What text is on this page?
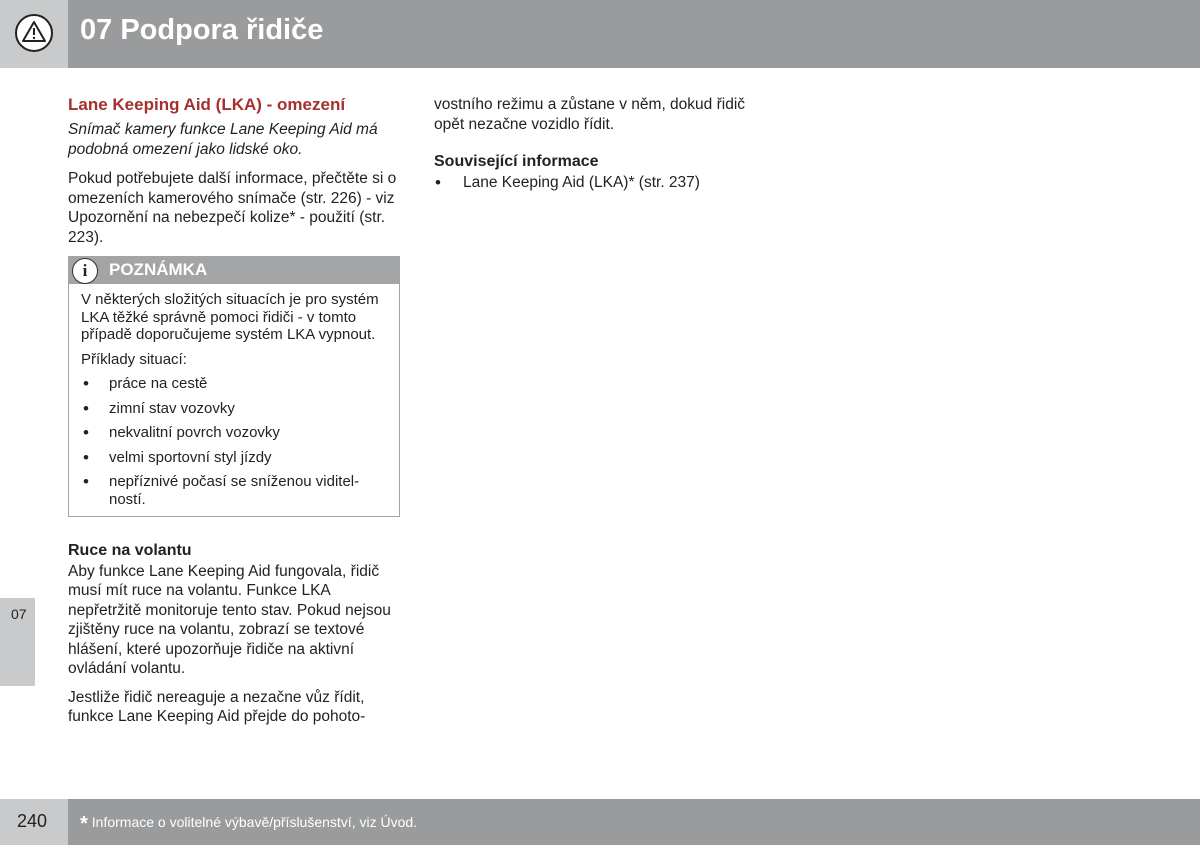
07 Podpora řidiče
07
Lane Keeping Aid (LKA) - omezení

Snímač kamery funkce Lane Keeping Aid má podobná omezení jako lidské oko.

Pokud potřebujete další informace, přečtěte si o omezeních kamerového snímače (str. 226) - viz Upozornění na nebezpečí kolize* - použití (str. 223).

i	POZNÁMKA

V některých složitých situacích je pro systém LKA těžké správně pomoci řidiči - v tomto případě doporučujeme systém LKA vypnout.

Příklady situací:

• práce na cestě
• zimní stav vozovky
• nekvalitní povrch vozovky
• velmi sportovní styl jízdy
• nepříznivé počasí se sníženou viditel-ností.
Ruce na volantu

Aby funkce Lane Keeping Aid fungovala, řidič musí mít ruce na volantu. Funkce LKA nepřetržitě monitoruje tento stav. Pokud nejsou zjištěny ruce na volantu, zobrazí se textové hlášení, které upozorňuje řidiče na aktivní ovládání volantu.

Jestliže řidič nereaguje a nezačne vůz řídit, funkce Lane Keeping Aid přejde do pohoto-

vostního režimu a zůstane v něm, dokud řidič opět nezačne vozidlo řídit.

Související informace
• Lane Keeping Aid (LKA)* (str. 237)
240 * Informace o volitelné výbavě/příslušenství, viz Úvod.
